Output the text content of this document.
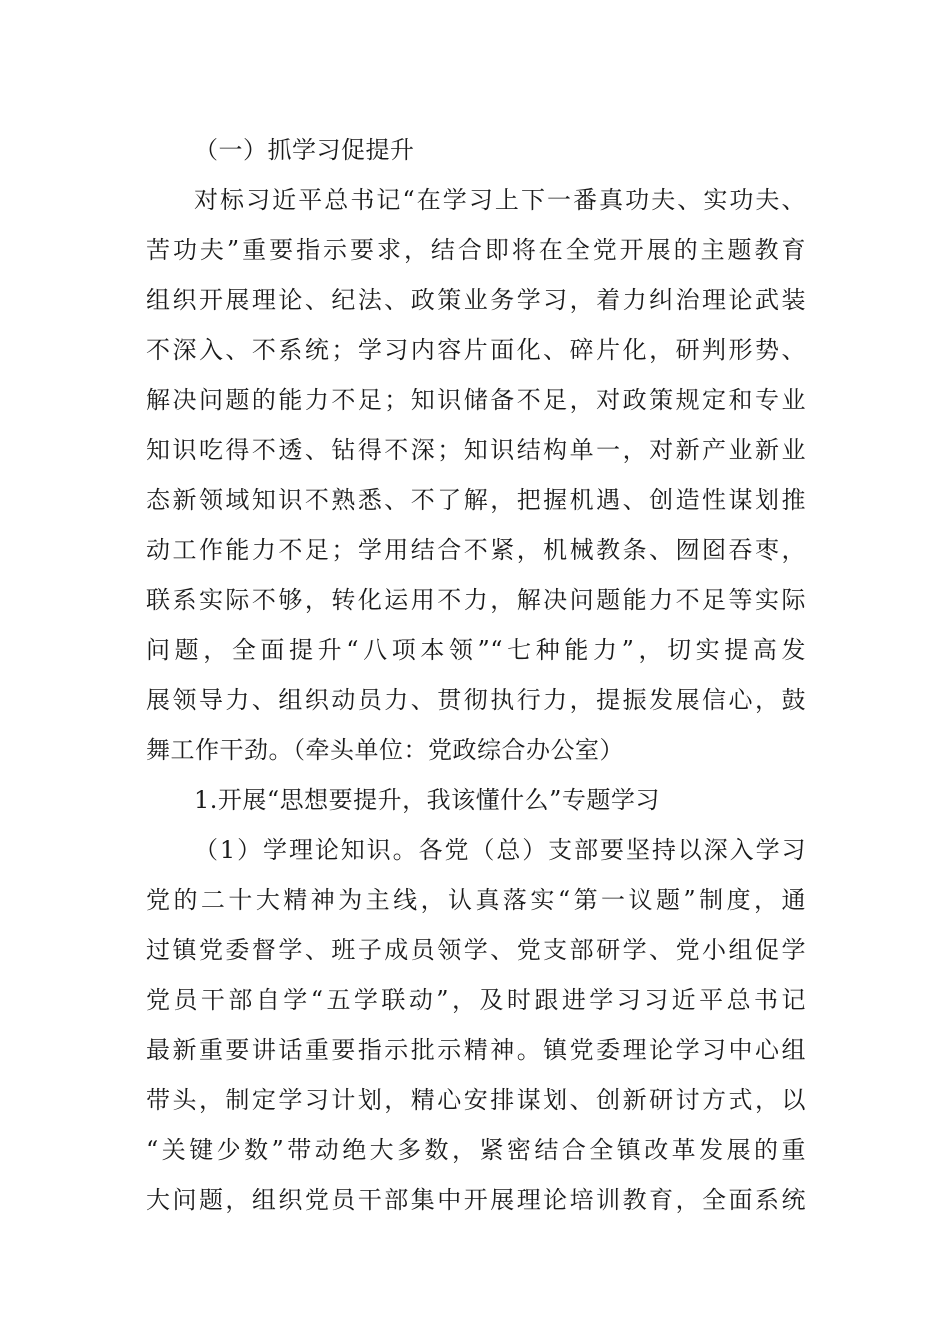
（一）抓学习促提升
对标习近平总书记“在学习上下一番真功夫、实功夫、
苦功夫”重要指示要求，结合即将在全党开展的主题教育
组织开展理论、纪法、政策业务学习，着力纠治理论武装
不深入、不系统；学习内容片面化、碎片化，研判形势、
解决问题的能力不足；知识储备不足，对政策规定和专业
知识吃得不透、钻得不深；知识结构单一，对新产业新业
态新领域知识不熟悉、不了解，把握机遇、创造性谋划推
动工作能力不足；学用结合不紧，机械教条、囫囵吞枣，
联系实际不够，转化运用不力，解决问题能力不足等实际
问题，全面提升“八项本领”“七种能力”，切实提高发
展领导力、组织动员力、贯彻执行力，提振发展信心，鼓
舞工作干劲。（牵头单位：党政综合办公室）
1.开展“思想要提升，我该懂什么”专题学习
（1）学理论知识。各党（总）支部要坚持以深入学习
党的二十大精神为主线，认真落实“第一议题”制度，通
过镇党委督学、班子成员领学、党支部研学、党小组促学
党员干部自学“五学联动”，及时跟进学习习近平总书记
最新重要讲话重要指示批示精神。镇党委理论学习中心组
带头，制定学习计划，精心安排谋划、创新研讨方式，以
“关键少数”带动绝大多数，紧密结合全镇改革发展的重
大问题，组织党员干部集中开展理论培训教育，全面系统
